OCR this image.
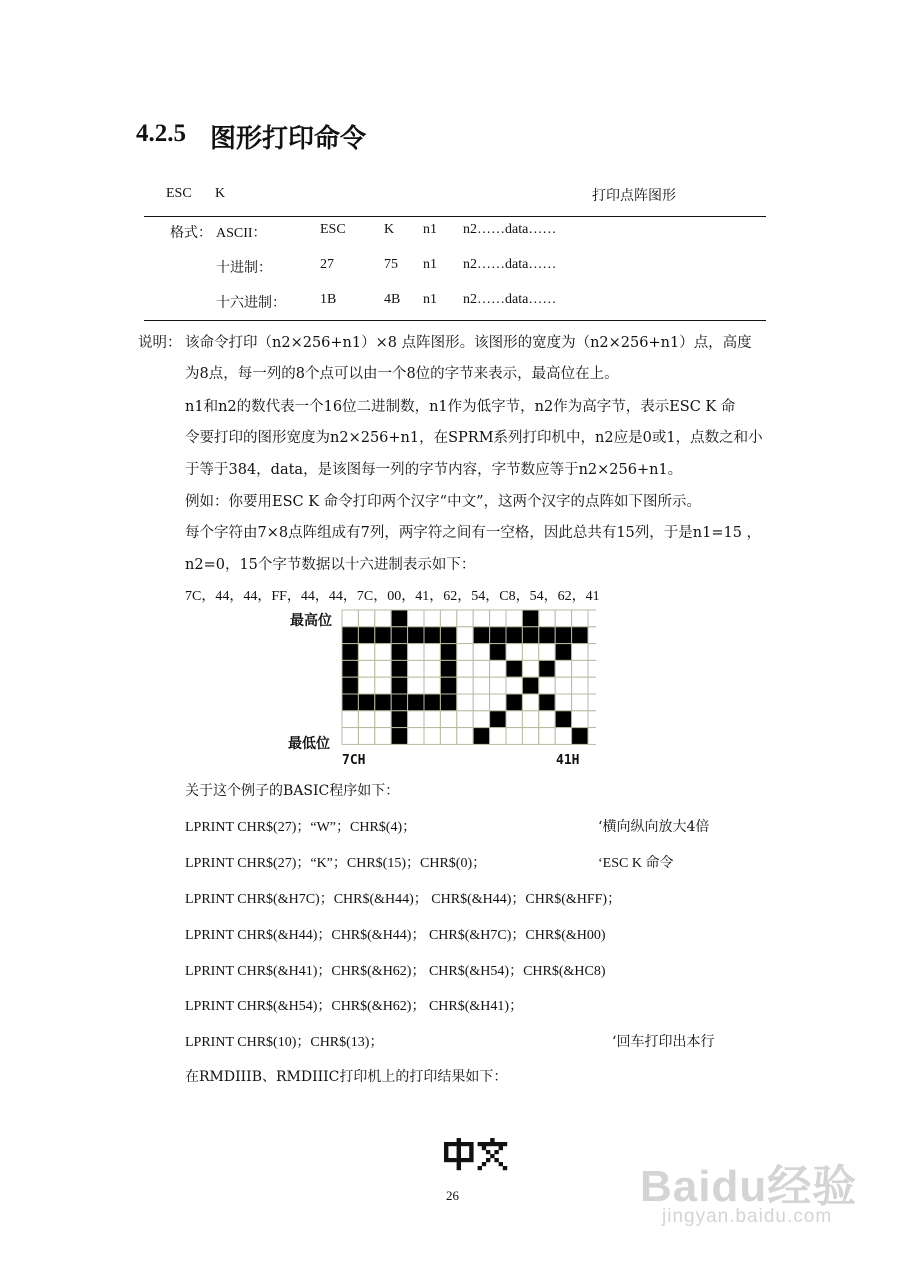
4.2.5 图形打印命令
ESC K	打印点阵图形
格式： ASCII：	ESC	K n1 n2……data……
十进制：	27	75 n1 n2……data……
十六进制： 1B	4B n1 n2……data……
说明： 该命令打印（n2×256+n1）×8 点阵图形。该图形的宽度为（n2×256+n1）点，高度
为8点，每一列的8个点可以由一个8位的字节来表示，最高位在上。
n1和n2的数代表一个16位二进制数，n1作为低字节，n2作为高字节，表示ESC K 命
令要打印的图形宽度为n2×256+n1，在SPRM系列打印机中，n2应是0或1，点数之和小
于等于384，data，是该图每一列的字节内容，字节数应等于n2×256+n1。
例如：你要用ESC K 命令打印两个汉字“中文”，这两个汉字的点阵如下图所示。
每个字符由7×8点阵组成有7列，两字符之间有一空格，因此总共有15列，于是n1=15 ，
n2=0，15个字节数据以十六进制表示如下：
7C，44，44，FF，44，44，7C，00，41，62，54，C8，54，62，41
最高位
最低位
7CH	41H
关于这个例子的BASIC程序如下：
LPRINT CHR$(27)；“W”；CHR$(4)；	‘横向纵向放大4倍
LPRINT CHR$(27)；“K”；CHR$(15)；CHR$(0)；	‘ESC K 命令
LPRINT CHR$(&H7C)；CHR$(&H44)； CHR$(&H44)；CHR$(&HFF)；
LPRINT CHR$(&H44)；CHR$(&H44)； CHR$(&H7C)；CHR$(&H00)
LPRINT CHR$(&H41)；CHR$(&H62)； CHR$(&H54)；CHR$(&HC8)
LPRINT CHR$(&H54)；CHR$(&H62)； CHR$(&H41)；
LPRINT CHR$(10)；CHR$(13)；	‘回车打印出本行
在RMDIIIB、RMDIIIC打印机上的打印结果如下：
26	Baidu经验
jingyan.baidu.com
